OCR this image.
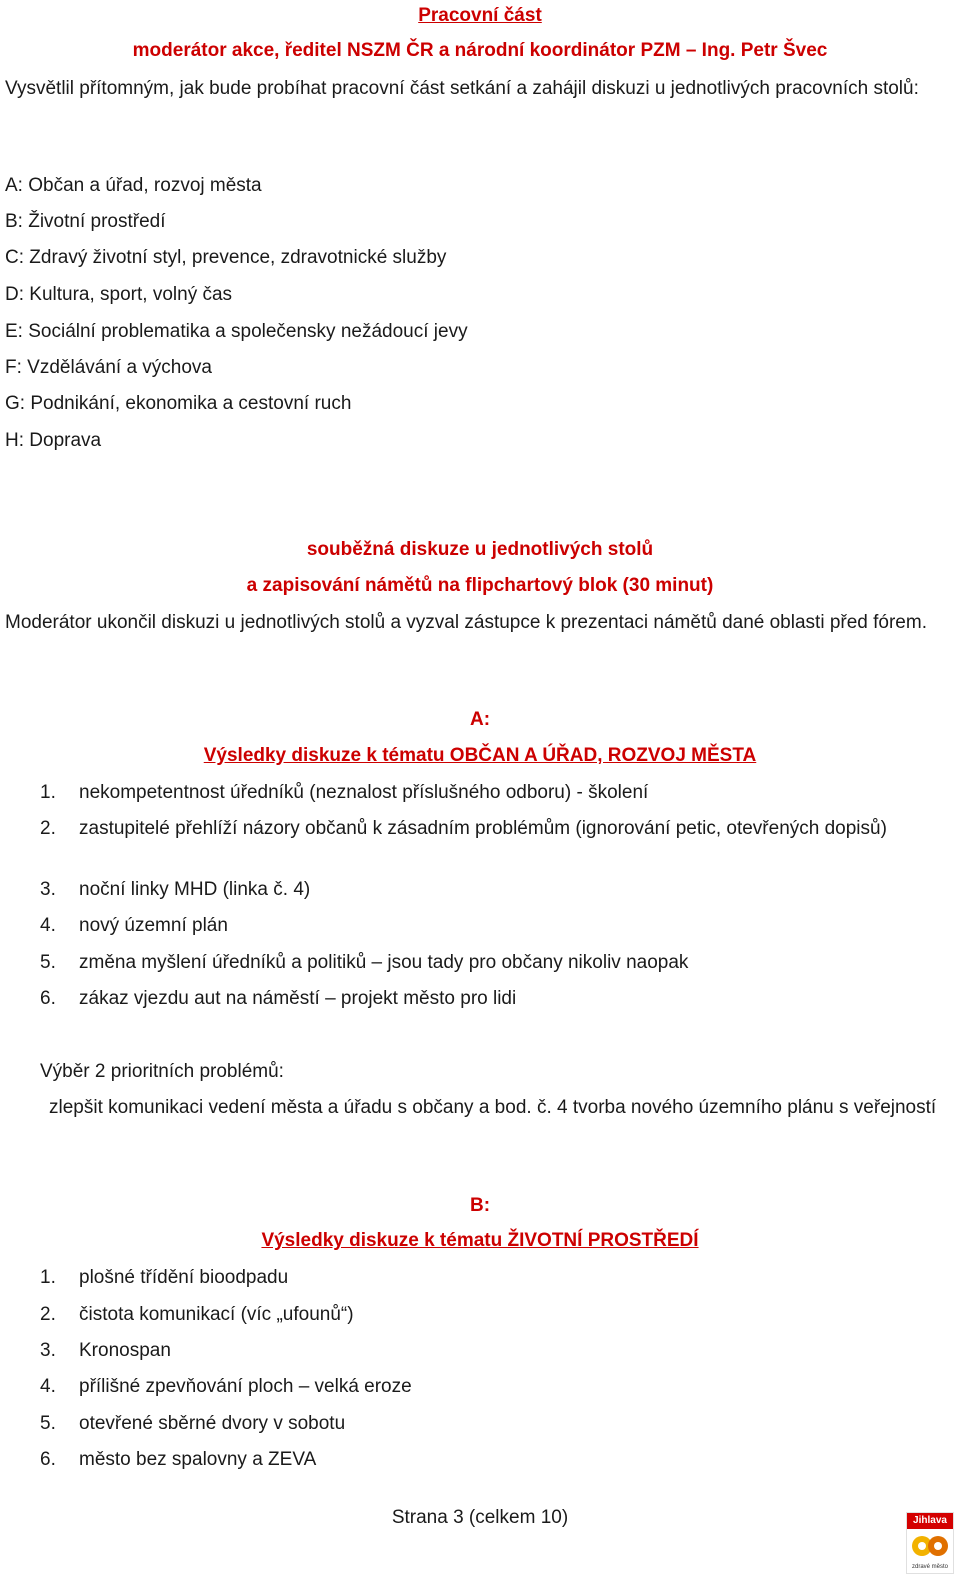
Pracovní část
moderátor akce, ředitel NSZM ČR a národní koordinátor PZM – Ing. Petr Švec
Vysvětlil přítomným, jak bude probíhat pracovní část setkání a zahájil diskuzi u jednotlivých pracovních stolů:
A: Občan a úřad, rozvoj města
B: Životní prostředí
C: Zdravý životní styl, prevence, zdravotnické služby
D: Kultura, sport, volný čas
E: Sociální problematika a společensky nežádoucí jevy
F: Vzdělávání a výchova
G: Podnikání, ekonomika a cestovní ruch
H: Doprava
souběžná diskuze u jednotlivých stolů
a zapisování námětů na flipchartový blok (30 minut)
Moderátor ukončil diskuzi u jednotlivých stolů a vyzval zástupce k prezentaci námětů dané oblasti před fórem.
A:
Výsledky diskuze k tématu OBČAN A ÚŘAD, ROZVOJ MĚSTA
1. nekompetentnost úředníků (neznalost příslušného odboru) - školení
2. zastupitelé přehlíží názory občanů k zásadním problémům (ignorování petic, otevřených dopisů)
3. noční linky MHD (linka č. 4)
4. nový územní plán
5. změna myšlení úředníků a politiků – jsou tady pro občany nikoliv naopak
6. zákaz vjezdu aut na náměstí – projekt město pro lidi
Výběr 2 prioritních problémů:
zlepšit komunikaci vedení města a úřadu s občany a bod. č. 4 tvorba nového územního plánu s veřejností
B:
Výsledky diskuze k tématu ŽIVOTNÍ PROSTŘEDÍ
1. plošné třídění bioodpadu
2. čistota komunikací (víc „ufounů“)
3. Kronospan
4. přílišné zpevňování ploch – velká eroze
5. otevřené sběrné dvory v sobotu
6. město bez spalovny a ZEVA
Strana 3 (celkem 10)	Jihlava
zdravé město
